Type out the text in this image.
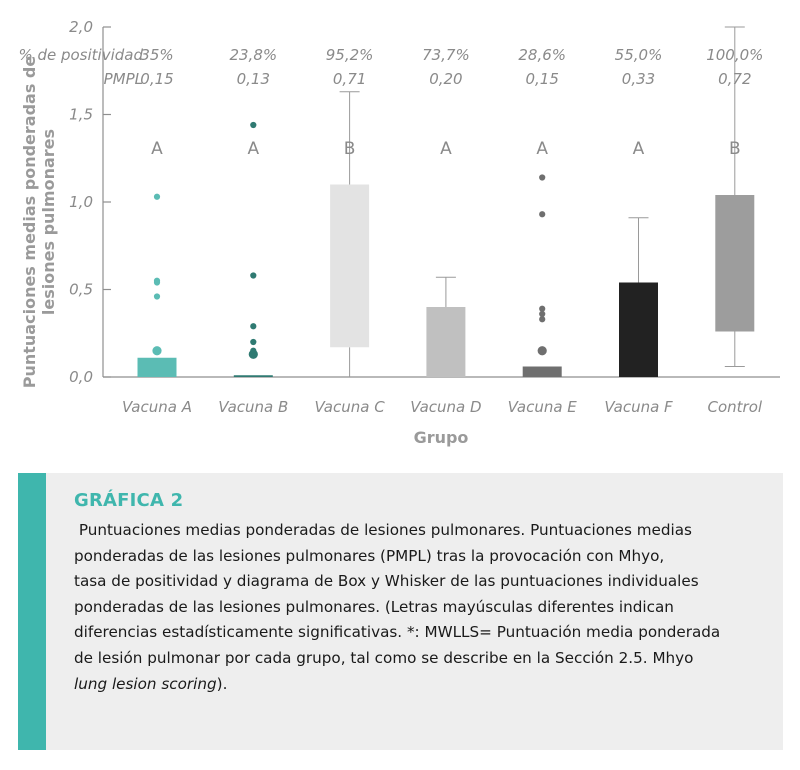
0,0
0,5
1,0
1,5
2,0
% de positividad
PMPL
35%
0,15
A
Vacuna A
23,8%
0,13
A
Vacuna B
95,2%
0,71
B
Vacuna C
73,7%
0,20
A
Vacuna D
28,6%
0,15
A
Vacuna E
55,0%
0,33
A
Vacuna F
100,0%
0,72
B
Control
Puntuaciones medias ponderadas de lesiones pulmonares
Grupo
GRÁFICA 2
Puntuaciones medias ponderadas de lesiones pulmonares. Puntuaciones medias
ponderadas de las lesiones pulmonares (PMPL) tras la provocación con Mhyo,
tasa de positividad y diagrama de Box y Whisker de las puntuaciones individuales
ponderadas de las lesiones pulmonares. (Letras mayúsculas diferentes indican
diferencias estadísticamente significativas. *: MWLLS= Puntuación media ponderada
de lesión pulmonar por cada grupo, tal como se describe en la Sección 2.5. Mhyo
lung lesion scoring).
